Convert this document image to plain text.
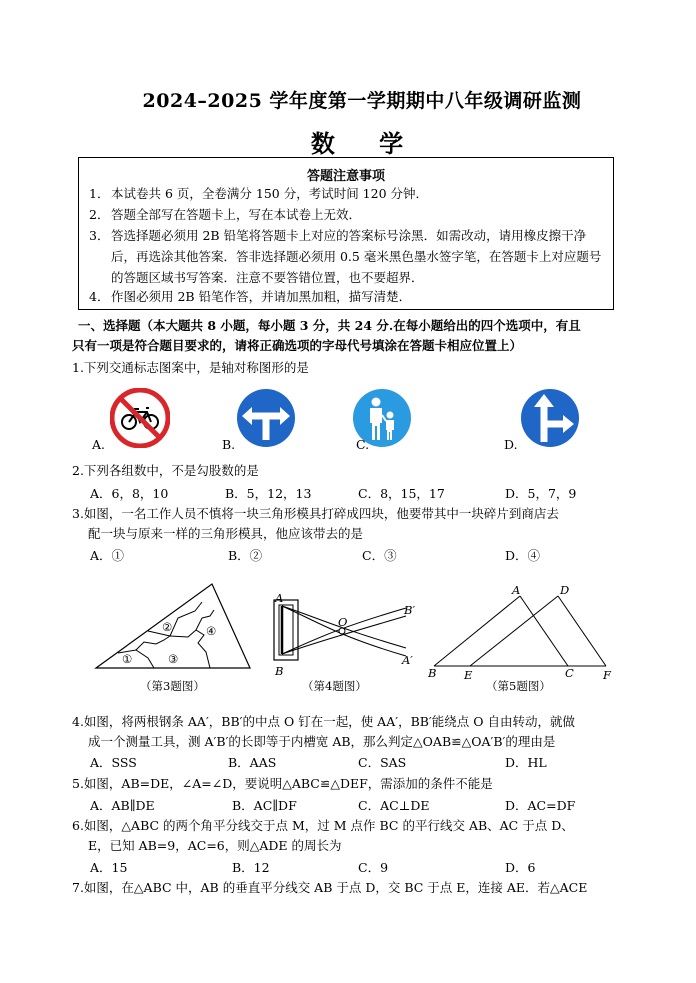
2024–2025 学年度第一学期期中八年级调研监测
数 学
答题注意事项
1． 本试卷共 6 页，全卷满分 150 分，考试时间 120 分钟．
2． 答题全部写在答题卡上，写在本试卷上无效．
3． 答选择题必须用 2B 铅笔将答题卡上对应的答案标号涂黑．如需改动，请用橡皮擦干净后，再选涂其他答案．答非选择题必须用 0.5 毫米黑色墨水签字笔，在答题卡上对应题号的答题区域书写答案．注意不要答错位置，也不要超界．
4． 作图必须用 2B 铅笔作答，并请加黑加粗，描写清楚．
一、选择题（本大题共 8 小题，每小题 3 分，共 24 分.在每小题给出的四个选项中，有且
只有一项是符合题目要求的，请将正确选项的字母代号填涂在答题卡相应位置上）
1.下列交通标志图案中，是轴对称图形的是
A.	B.	C.	D.
2.下列各组数中，不是勾股数的是
A．6，8，10	B．5，12，13	C．8，15，17	D．5，7，9
3.如图，一名工作人员不慎将一块三角形模具打碎成四块，他要带其中一块碎片到商店去
配一块与原来一样的三角形模具，他应该带去的是
A．①	B．②	C．③	D．④
①
②
③
④
（第3题图）
A
B
O
B′
A′
（第4题图）
A	D
B E	C	F
（第5题图）
4.如图，将两根钢条 AA′，BB′的中点 O 钉在一起，使 AA′，BB′能绕点 O 自由转动，就做
成一个测量工具，测 A′B′的长即等于内槽宽 AB，那么判定△OAB≌△OA′B′的理由是
A．SSS	B．AAS	C．SAS	D．HL
5.如图，AB=DE，∠A=∠D，要说明△ABC≌△DEF，需添加的条件不能是
A．AB∥DE	B．AC∥DF	C．AC⊥DE	D．AC=DF
6.如图，△ABC 的两个角平分线交于点 M，过 M 点作 BC 的平行线交 AB、AC 于点 D、
E，已知 AB=9，AC=6，则△ADE 的周长为
A．15	B．12	C．9	D．6
7.如图，在△ABC 中，AB 的垂直平分线交 AB 于点 D，交 BC 于点 E，连接 AE．若△ACE
